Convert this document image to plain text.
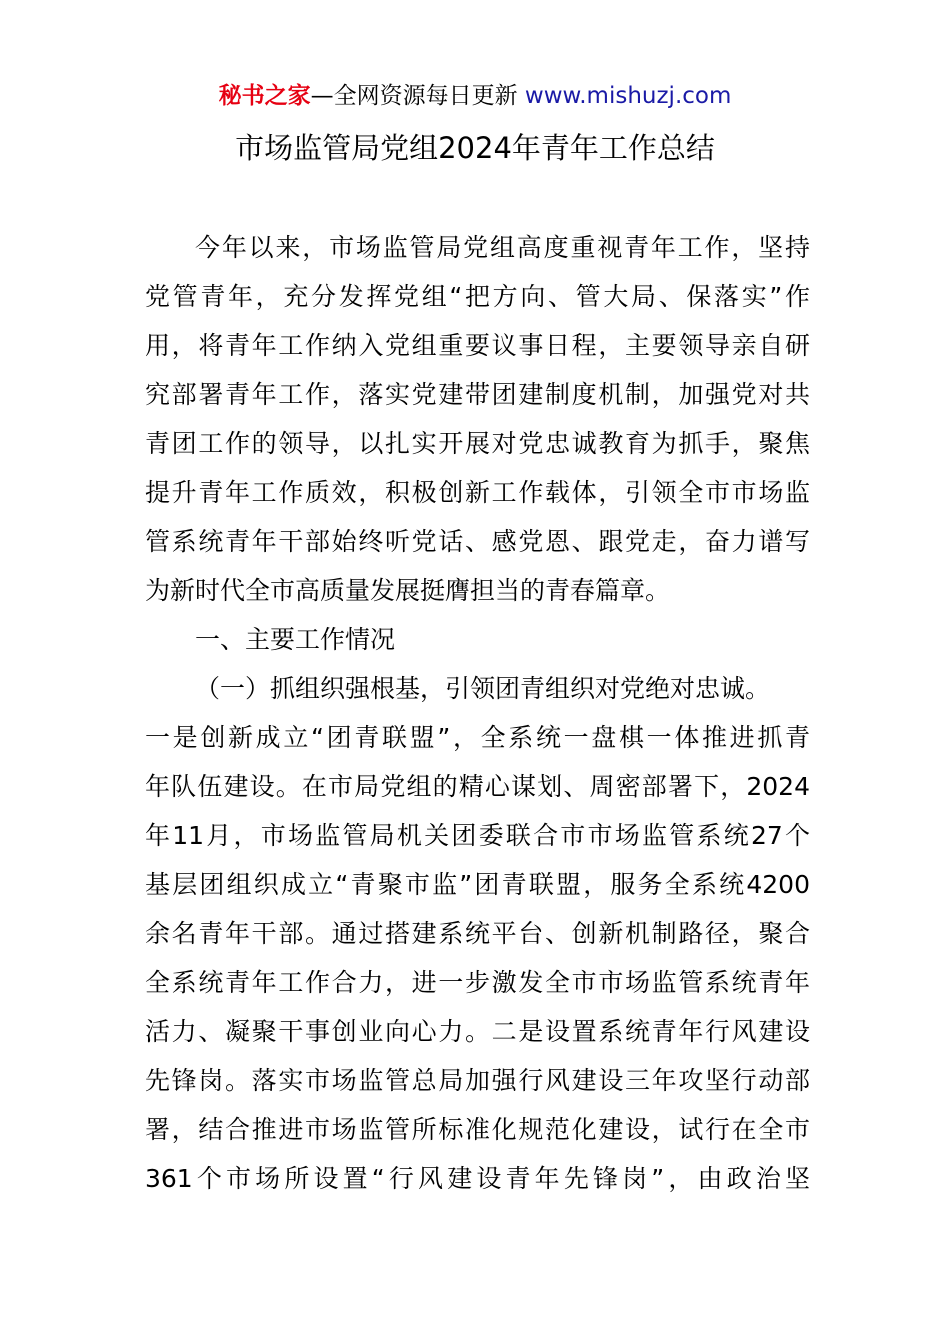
秘书之家—全网资源每日更新 www.mishuzj.com
市场监管局党组2024年青年工作总结
今年以来，市场监管局党组高度重视青年工作，坚持
党管青年，充分发挥党组“把方向、管大局、保落实”作
用，将青年工作纳入党组重要议事日程，主要领导亲自研
究部署青年工作，落实党建带团建制度机制，加强党对共
青团工作的领导，以扎实开展对党忠诚教育为抓手，聚焦
提升青年工作质效，积极创新工作载体，引领全市市场监
管系统青年干部始终听党话、感党恩、跟党走，奋力谱写
为新时代全市高质量发展挺膺担当的青春篇章。
一、主要工作情况
（一）抓组织强根基，引领团青组织对党绝对忠诚。
一是创新成立“团青联盟”，全系统一盘棋一体推进抓青
年队伍建设。在市局党组的精心谋划、周密部署下，2024
年11月，市场监管局机关团委联合市市场监管系统27个
基层团组织成立“青聚市监”团青联盟，服务全系统4200
余名青年干部。通过搭建系统平台、创新机制路径，聚合
全系统青年工作合力，进一步激发全市市场监管系统青年
活力、凝聚干事创业向心力。二是设置系统青年行风建设
先锋岗。落实市场监管总局加强行风建设三年攻坚行动部
署，结合推进市场监管所标准化规范化建设，试行在全市
361个市场所设置“行风建设青年先锋岗”，由政治坚
